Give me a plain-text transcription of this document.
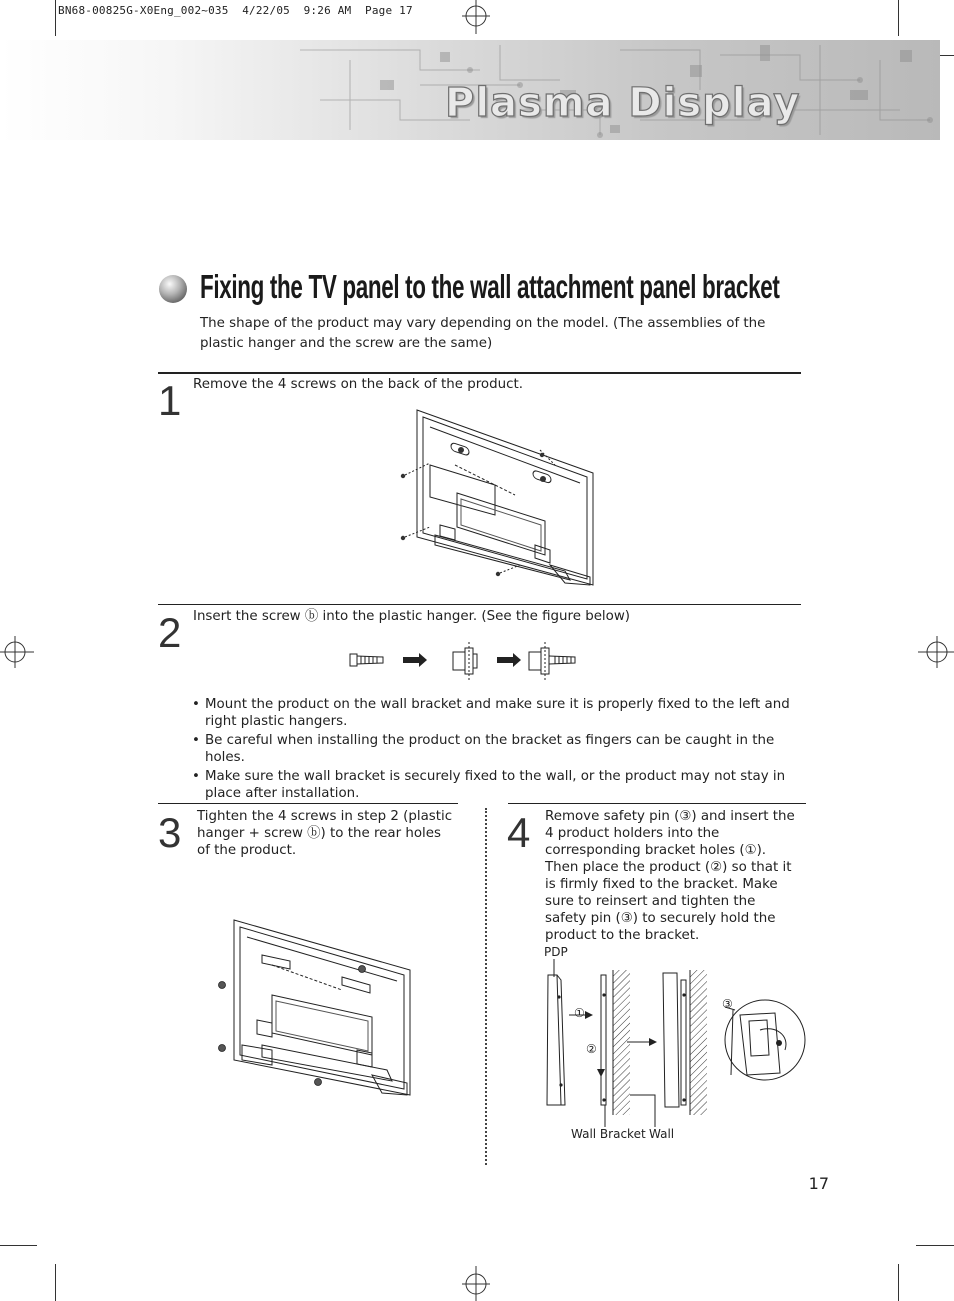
BN68-00825G-X0Eng_002~035  4/22/05  9:26 AM  Page 17
Plasma Display
Fixing the TV panel to the wall attachment panel bracket
The shape of the product may vary depending on the model. (The assemblies of the plastic hanger and the screw are the same)
1 Remove the 4 screws on the back of the product.
2 Insert the screw ⓑ into the plastic hanger. (See the figure below)
• Mount the product on the wall bracket and make sure it is properly fixed to the left and right plastic hangers.
• Be careful when installing the product on the bracket as fingers can be caught in the holes.
• Make sure the wall bracket is securely fixed to the wall, or the product may not stay in place after installation.
3 Tighten the 4 screws in step 2 (plastic hanger + screw ⓑ) to the rear holes of the product.	4 Remove safety pin (③) and insert the 4 product holders into the corresponding bracket holes (①). Then place the product (②) so that it is firmly fixed to the bracket. Make sure to reinsert and tighten the safety pin (③) to securely hold the product to the bracket.
PDP
①
②
③
Wall Bracket Wall
17
